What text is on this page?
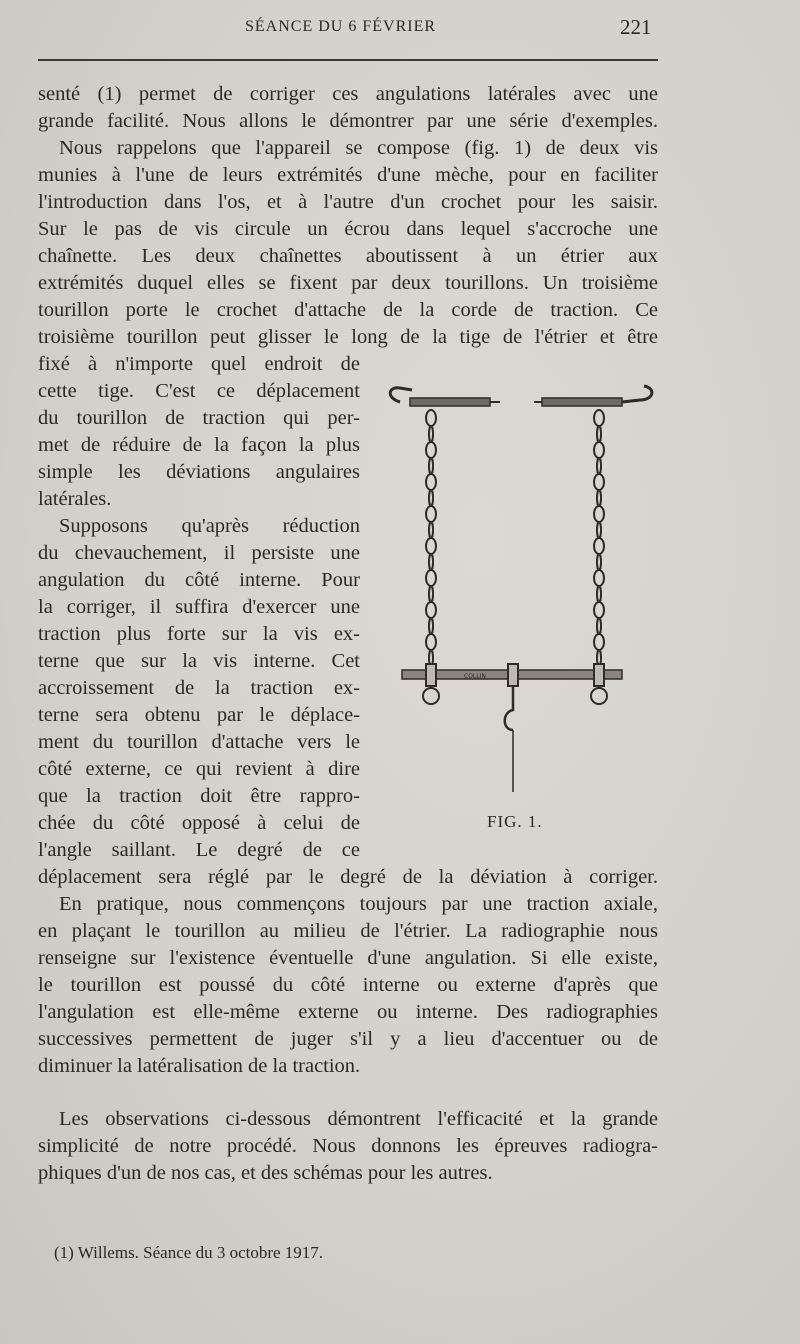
SÉANCE DU 6 FÉVRIER	221
senté (1) permet de corriger ces angulations latérales avec une
grande facilité. Nous allons le démontrer par une série d'exemples.
Nous rappelons que l'appareil se compose (fig. 1) de deux vis
munies à l'une de leurs extrémités d'une mèche, pour en faciliter
l'introduction dans l'os, et à l'autre d'un crochet pour les saisir.
Sur le pas de vis circule un écrou dans lequel s'accroche une
chaînette. Les deux chaînettes aboutissent à un étrier aux
extrémités duquel elles se fixent par deux tourillons. Un troisième
tourillon porte le crochet d'attache de la corde de traction. Ce
troisième tourillon peut glisser le long de la tige de l'étrier et être
fixé à n'importe quel endroit de
cette tige. C'est ce déplacement
du tourillon de traction qui per-
met de réduire de la façon la plus
simple les déviations angulaires
latérales.
Supposons qu'après réduction
du chevauchement, il persiste une
angulation du côté interne. Pour
la corriger, il suffira d'exercer une
traction plus forte sur la vis ex-
terne que sur la vis interne. Cet
accroissement de la traction ex-
terne sera obtenu par le déplace-
ment du tourillon d'attache vers le
côté externe, ce qui revient à dire
que la traction doit être rappro-
chée du côté opposé à celui de
l'angle saillant. Le degré de ce
déplacement sera réglé par le degré de la déviation à corriger.
En pratique, nous commençons toujours par une traction axiale,
en plaçant le tourillon au milieu de l'étrier. La radiographie nous
renseigne sur l'existence éventuelle d'une angulation. Si elle existe,
le tourillon est poussé du côté interne ou externe d'après que
l'angulation est elle-même externe ou interne. Des radiographies
successives permettent de juger s'il y a lieu d'accentuer ou de
diminuer la latéralisation de la traction.
Les observations ci-dessous démontrent l'efficacité et la grande
simplicité de notre procédé. Nous donnons les épreuves radiogra-
phiques d'un de nos cas, et des schémas pour les autres.
COLLIN
FIG. 1.
(1) Willems. Séance du 3 octobre 1917.
